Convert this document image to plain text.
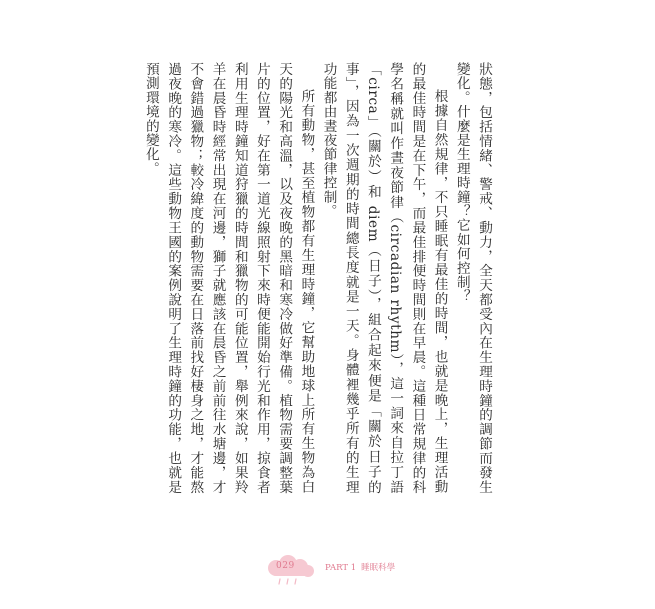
狀態，包括情緒、警戒、動力，全天都受內在生理時鐘的調節而發生變化。什麼是生理時鐘？它如何控制？

根據自然規律，不只睡眠有最佳的時間，也就是晚上，生理活動的最佳時間是在下午，而最佳排便時間則在早晨。這種日常規律的科學名稱就叫作晝夜節律（circadian rhythm），這一詞來自拉丁語「circa」（關於）和 diem（日子），組合起來便是「關於日子的事」，因為一次週期的時間總長度就是一天。身體裡幾乎所有的生理功能都由晝夜節律控制。

所有動物，甚至植物都有生理時鐘，它幫助地球上所有生物為白天的陽光和高溫，以及夜晚的黑暗和寒冷做好準備。植物需要調整葉片的位置，好在第一道光線照射下來時便能開始行光和作用，掠食者利用生理時鐘知道狩獵的時間和獵物的可能位置，舉例來說，如果羚羊在晨昏時經常出現在河邊，獅子就應該在晨昏之前前往水塘邊，才不會錯過獵物；較冷緯度的動物需要在日落前找好棲身之地，才能熬過夜晚的寒冷。這些動物王國的案例說明了生理時鐘的功能，也就是預測環境的變化。

029	PART 1 睡眠科學
